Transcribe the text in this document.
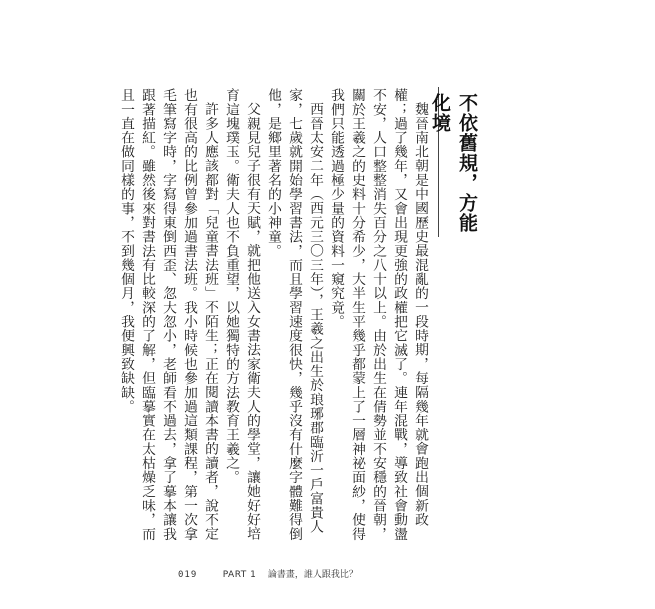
不依舊規，方能化境

魏晉南北朝是中國歷史最混亂的一段時期，每隔幾年就會跑出個新政權；過了幾年，又會出現更強的政權把它滅了。連年混戰，導致社會動盪不安，人口整整消失百分之八十以上。由於出生在倩勢並不安穩的晉朝，關於王羲之的史料十分希少，大半生平幾乎都蒙上了一層神祕面紗，使得我們只能透過極少量的資料一窺究竟。

西晉太安二年（西元三〇三年），王羲之出生於琅琊郡臨沂一戶富貴人家，七歲就開始學習書法，而且學習速度很快，幾乎沒有什麼字體難得倒他，是鄉里著名的小神童。

父親見兒子很有天賦，就把他送入女書法家衛夫人的學堂，讓她好好培育這塊璞玉。衛夫人也不負重望，以她獨特的方法教育王羲之。

許多人應該都對「兒童書法班」不陌生；正在閱讀本書的讀者，說不定也有很高的比例曾參加過書法班。我小時候也參加過這類課程，第一次拿毛筆寫字時，字寫得東倒西歪、忽大忽小，老師看不過去，拿了摹本讓我跟著描紅。雖然後來對書法有比較深的了解，但臨摹實在太枯燥乏味，而且一直在做同樣的事，不到幾個月，我便興致缺缺。

019	PART 1 論書畫，誰人跟我比？
